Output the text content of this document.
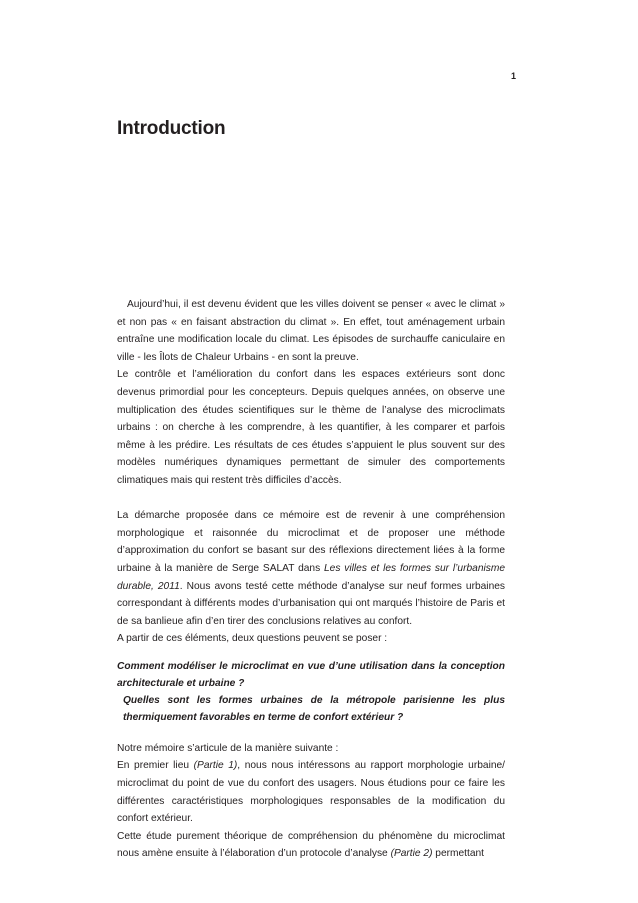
1
Introduction

Aujourd’hui, il est devenu évident que les villes doivent se penser « avec le climat » et non pas « en faisant abstraction du climat ». En effet, tout aménagement urbain entraîne une modification locale du climat. Les épisodes de surchauffe caniculaire en ville - les Îlots de Chaleur Urbains - en sont la preuve.

Le contrôle et l’amélioration du confort dans les espaces extérieurs sont donc devenus primordial pour les concepteurs. Depuis quelques années, on observe une multiplication des études scientifiques sur le thème de l’analyse des microclimats urbains : on cherche à les comprendre, à les quantifier, à les comparer et parfois même à les prédire. Les résultats de ces études s’appuient le plus souvent sur des modèles numériques dynamiques permettant de simuler des comportements climatiques mais qui restent très difficiles d’accès.

La démarche proposée dans ce mémoire est de revenir à une compréhension morphologique et raisonnée du microclimat et de proposer une méthode d’approximation du confort se basant sur des réflexions directement liées à la forme urbaine à la manière de Serge SALAT dans Les villes et les formes sur l’urbanisme durable, 2011. Nous avons testé cette méthode d’analyse sur neuf formes urbaines correspondant à différents modes d’urbanisation qui ont marqués l’histoire de Paris et de sa banlieue afin d’en tirer des conclusions relatives au confort.

A partir de ces éléments, deux questions peuvent se poser :

Comment modéliser le microclimat en vue d’une utilisation dans la conception architecturale et urbaine ?
Quelles sont les formes urbaines de la métropole parisienne les plus thermiquement favorables en terme de confort extérieur ?

Notre mémoire s’articule de la manière suivante :

En premier lieu (Partie 1), nous nous intéressons au rapport morphologie urbaine/ microclimat du point de vue du confort des usagers. Nous étudions pour ce faire les différentes caractéristiques morphologiques responsables de la modification du confort extérieur.

Cette étude purement théorique de compréhension du phénomène du microclimat nous amène ensuite à l’élaboration d’un protocole d’analyse (Partie 2) permettant
